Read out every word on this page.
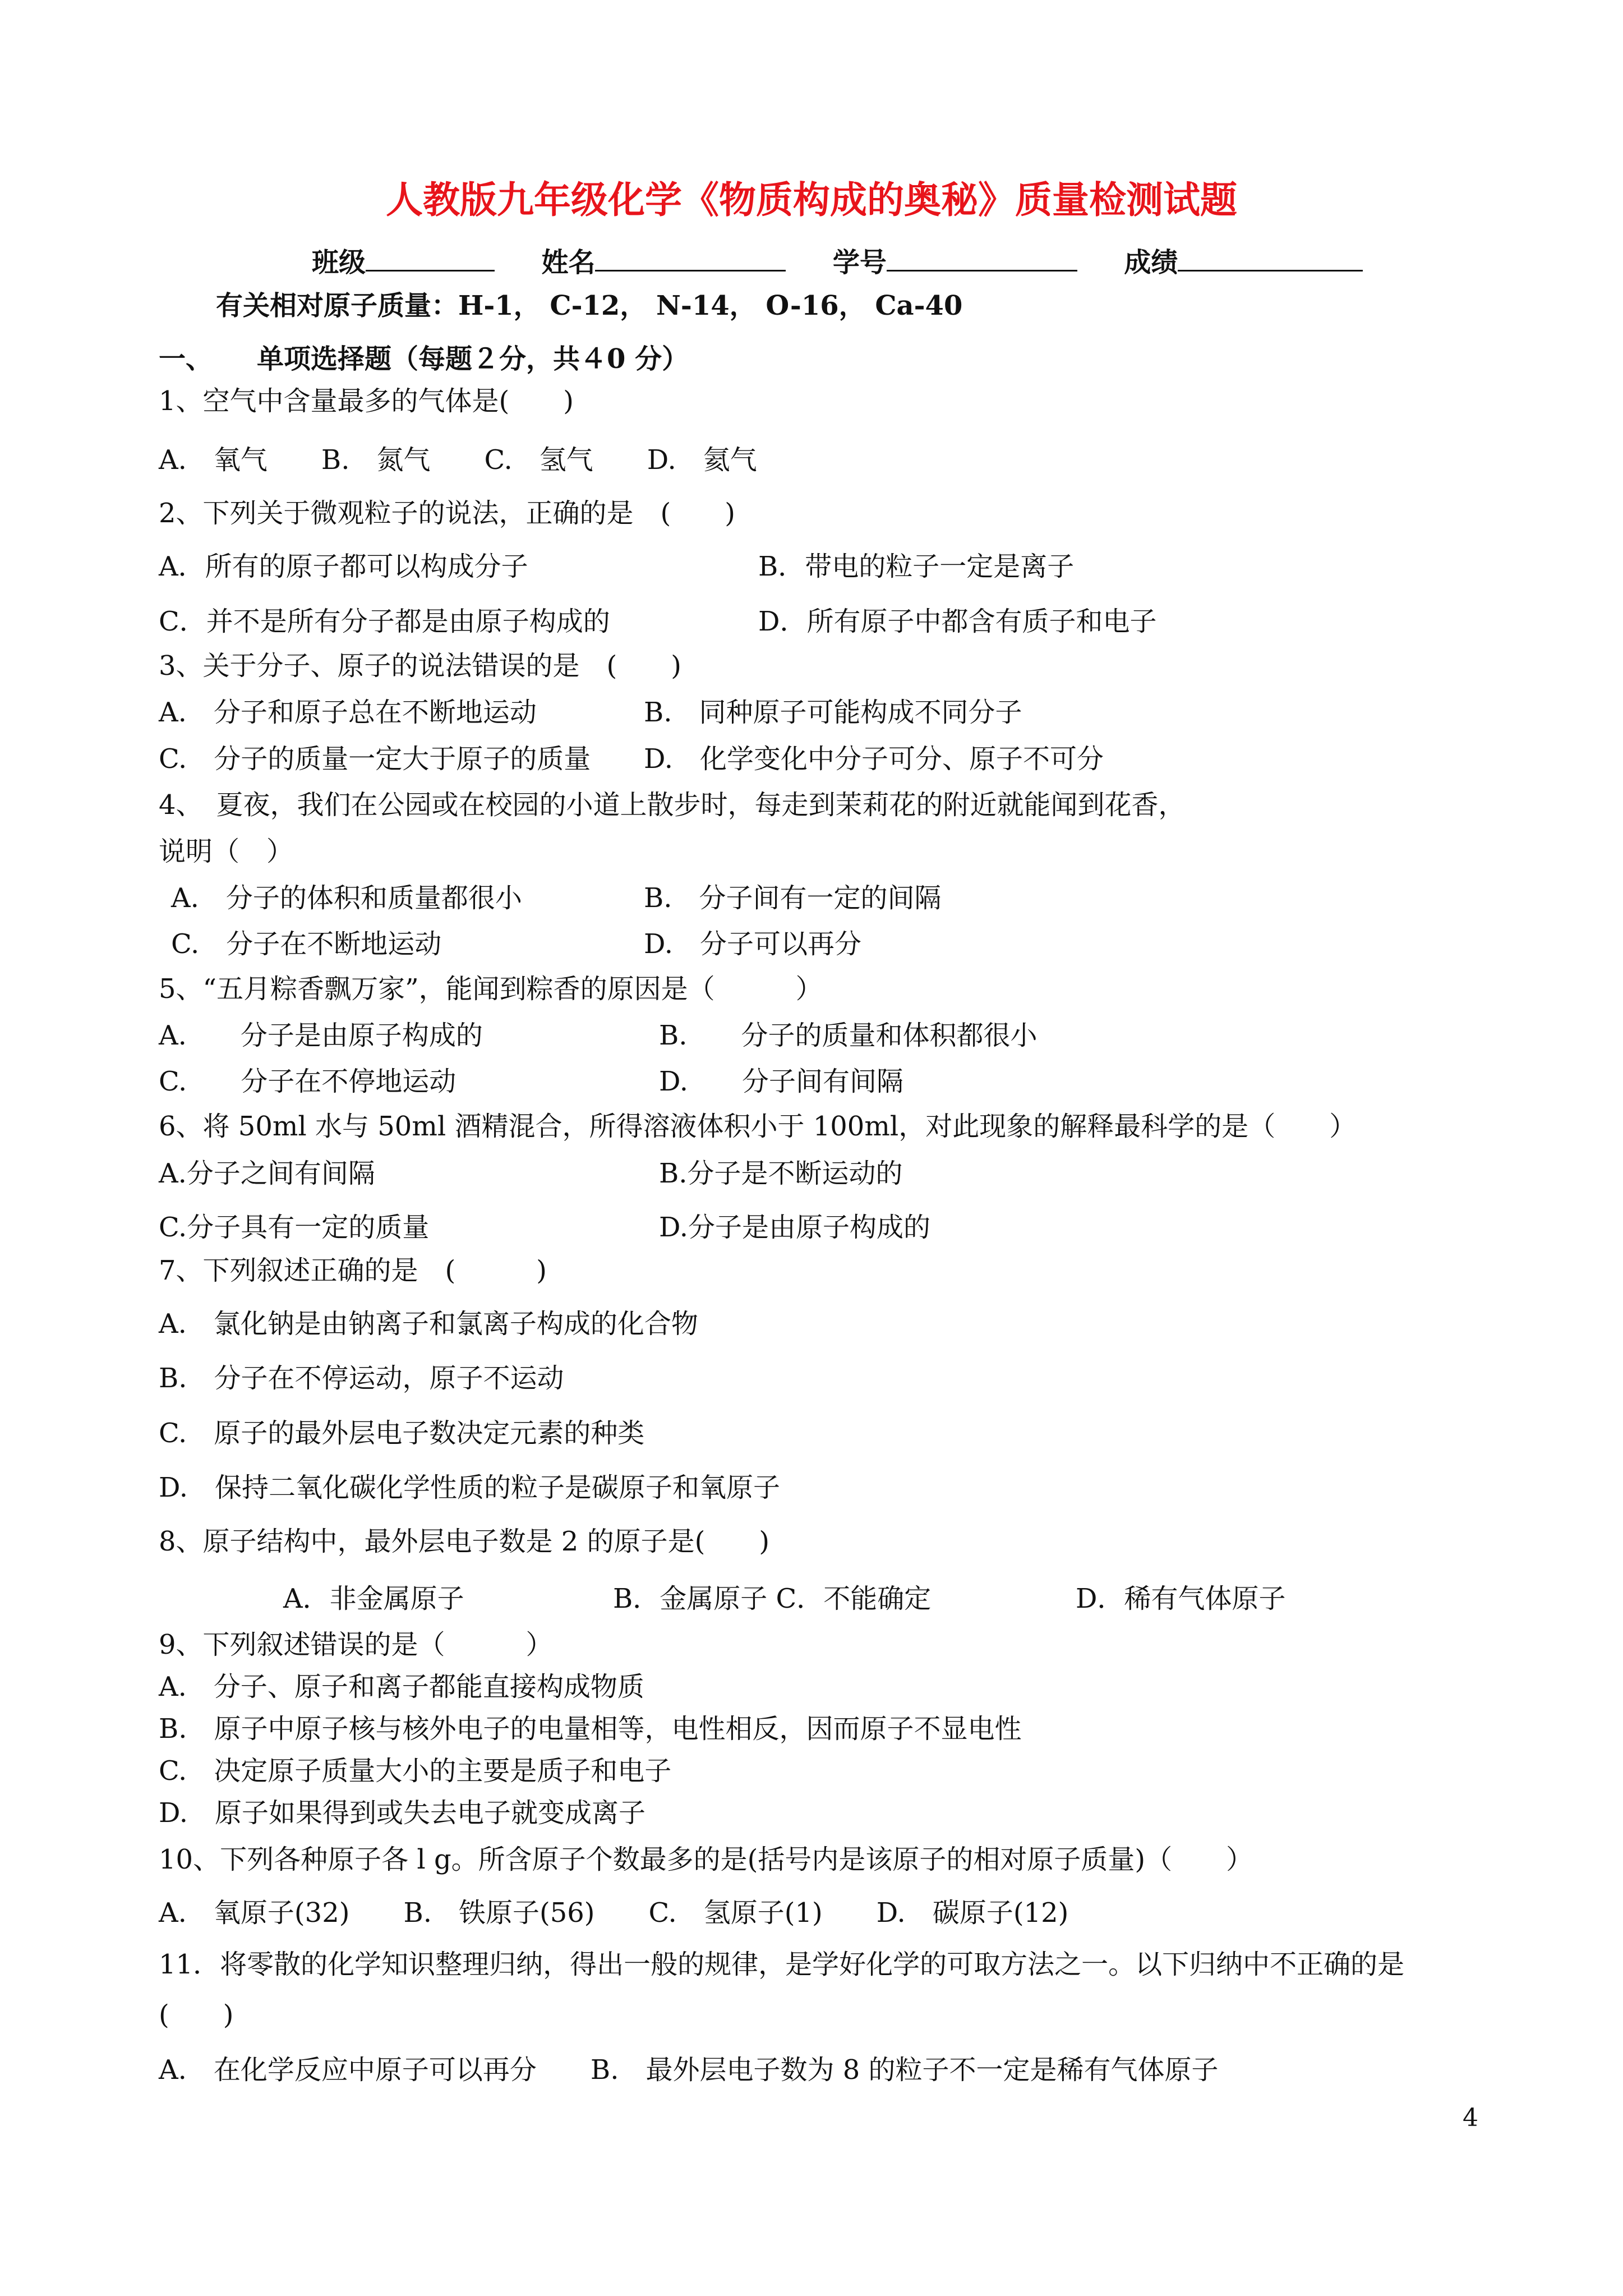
人教版九年级化学《物质构成的奥秘》质量检测试题
班级	姓名	学号	成绩
有关相对原子质量：H-1， C-12， N-14， O-16， Ca-40
一、 单项选择题（每题２分，共４0 分）
1、空气中含量最多的气体是(　　)
A.　氧气　　B.　氮气　　C.　氢气　　D.　氦气
2、下列关于微观粒子的说法，正确的是　(　　)
A．所有的原子都可以构成分子	B．带电的粒子一定是离子
C．并不是所有分子都是由原子构成的	D．所有原子中都含有质子和电子
3、关于分子、原子的说法错误的是　(　　)
A.　分子和原子总在不断地运动	B.　同种原子可能构成不同分子
C.　分子的质量一定大于原子的质量 D.　化学变化中分子可分、原子不可分
4、　夏夜，我们在公园或在校园的小道上散步时，每走到茉莉花的附近就能闻到花香，
说明（　）
A.　分子的体积和质量都很小	B.　分子间有一定的间隔
C.　分子在不断地运动	D.　分子可以再分
5、“五月粽香飘万家”，能闻到粽香的原因是（　　　）
A.　　分子是由原子构成的	B.　　分子的质量和体积都很小
C.　　分子在不停地运动	D.　　分子间有间隔
6、将 50ml 水与 50ml 酒精混合，所得溶液体积小于 100ml，对此现象的解释最科学的是（　　）
A.分子之间有间隔	B.分子是不断运动的
C.分子具有一定的质量	D.分子是由原子构成的
7、下列叙述正确的是　(　　　)
A.　氯化钠是由钠离子和氯离子构成的化合物
B.　分子在不停运动，原子不运动
C.　原子的最外层电子数决定元素的种类
D.　保持二氧化碳化学性质的粒子是碳原子和氧原子
8、原子结构中，最外层电子数是 2 的原子是(　　)
A．非金属原子	B．金属原子 C．不能确定	D．稀有气体原子
9、下列叙述错误的是（　　　）
A.　分子、原子和离子都能直接构成物质
B.　原子中原子核与核外电子的电量相等，电性相反，因而原子不显电性
C.　决定原子质量大小的主要是质子和电子
D.　原子如果得到或失去电子就变成离子
10、下列各种原子各 l g。所含原子个数最多的是(括号内是该原子的相对原子质量)（　　）
A.　氧原子(32)　　B.　铁原子(56)　　C.　氢原子(1)　　D.　碳原子(12)
11．将零散的化学知识整理归纳，得出一般的规律，是学好化学的可取方法之一。以下归纳中不正确的是
(　　)
A.　在化学反应中原子可以再分　　B.　最外层电子数为 8 的粒子不一定是稀有气体原子
4
